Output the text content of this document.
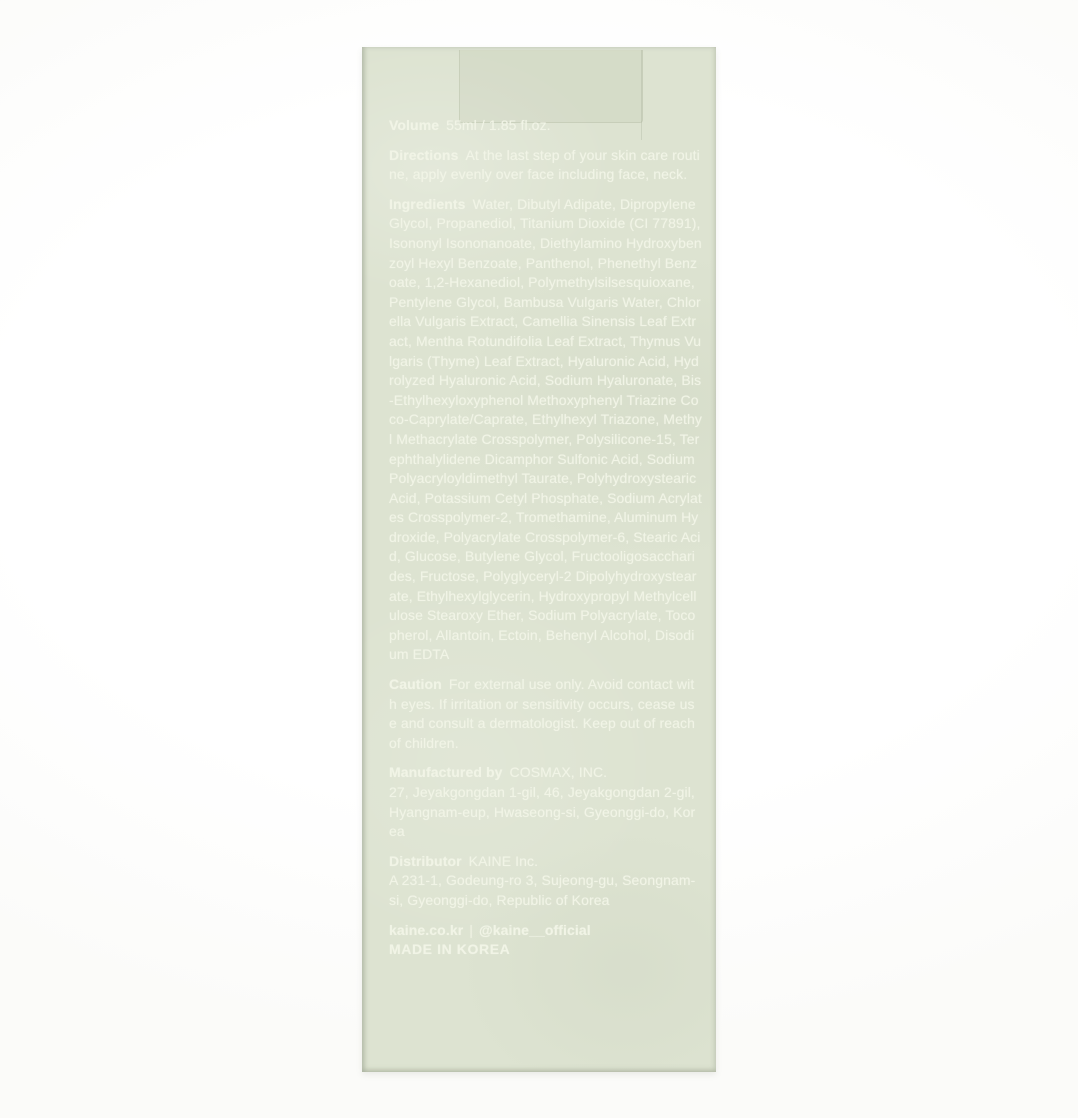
Volume 55ml / 1.85 fl.oz.

Directions At the last step of your skin care routine, apply evenly over face including face, neck.

Ingredients Water, Dibutyl Adipate, Dipropylene Glycol, Propanediol, Titanium Dioxide (CI 77891), Isononyl Isononanoate, Diethylamino Hydroxybenzoyl Hexyl Benzoate, Panthenol, Phenethyl Benzoate, 1,2-Hexanediol, Polymethylsilsesquioxane, Pentylene Glycol, Bambusa Vulgaris Water, Chlorella Vulgaris Extract, Camellia Sinensis Leaf Extract, Mentha Rotundifolia Leaf Extract, Thymus Vulgaris (Thyme) Leaf Extract, Hyaluronic Acid, Hydrolyzed Hyaluronic Acid, Sodium Hyaluronate, Bis-Ethylhexyloxyphenol Methoxyphenyl Triazine Coco-Caprylate/Caprate, Ethylhexyl Triazone, Methyl Methacrylate Crosspolymer, Polysilicone-15, Terephthalylidene Dicamphor Sulfonic Acid, Sodium Polyacryloyldimethyl Taurate, Polyhydroxystearic Acid, Potassium Cetyl Phosphate, Sodium Acrylates Crosspolymer-2, Tromethamine, Aluminum Hydroxide, Polyacrylate Crosspolymer-6, Stearic Acid, Glucose, Butylene Glycol, Fructooligosaccharides, Fructose, Polyglyceryl-2 Dipolyhydroxystearate, Ethylhexylglycerin, Hydroxypropyl Methylcellulose Stearoxy Ether, Sodium Polyacrylate, Tocopherol, Allantoin, Ectoin, Behenyl Alcohol, Disodium EDTA

Caution For external use only. Avoid contact with eyes. If irritation or sensitivity occurs, cease use and consult a dermatologist. Keep out of reach of children.

Manufactured by COSMAX, INC.
27, Jeyakgongdan 1-gil, 46, Jeyakgongdan 2-gil, Hyangnam-eup, Hwaseong-si, Gyeonggi-do, Korea

Distributor KAINE Inc.
A 231-1, Godeung-ro 3, Sujeong-gu, Seongnam-si, Gyeonggi-do, Republic of Korea

kaine.co.kr | @kaine__official
MADE IN KOREA
